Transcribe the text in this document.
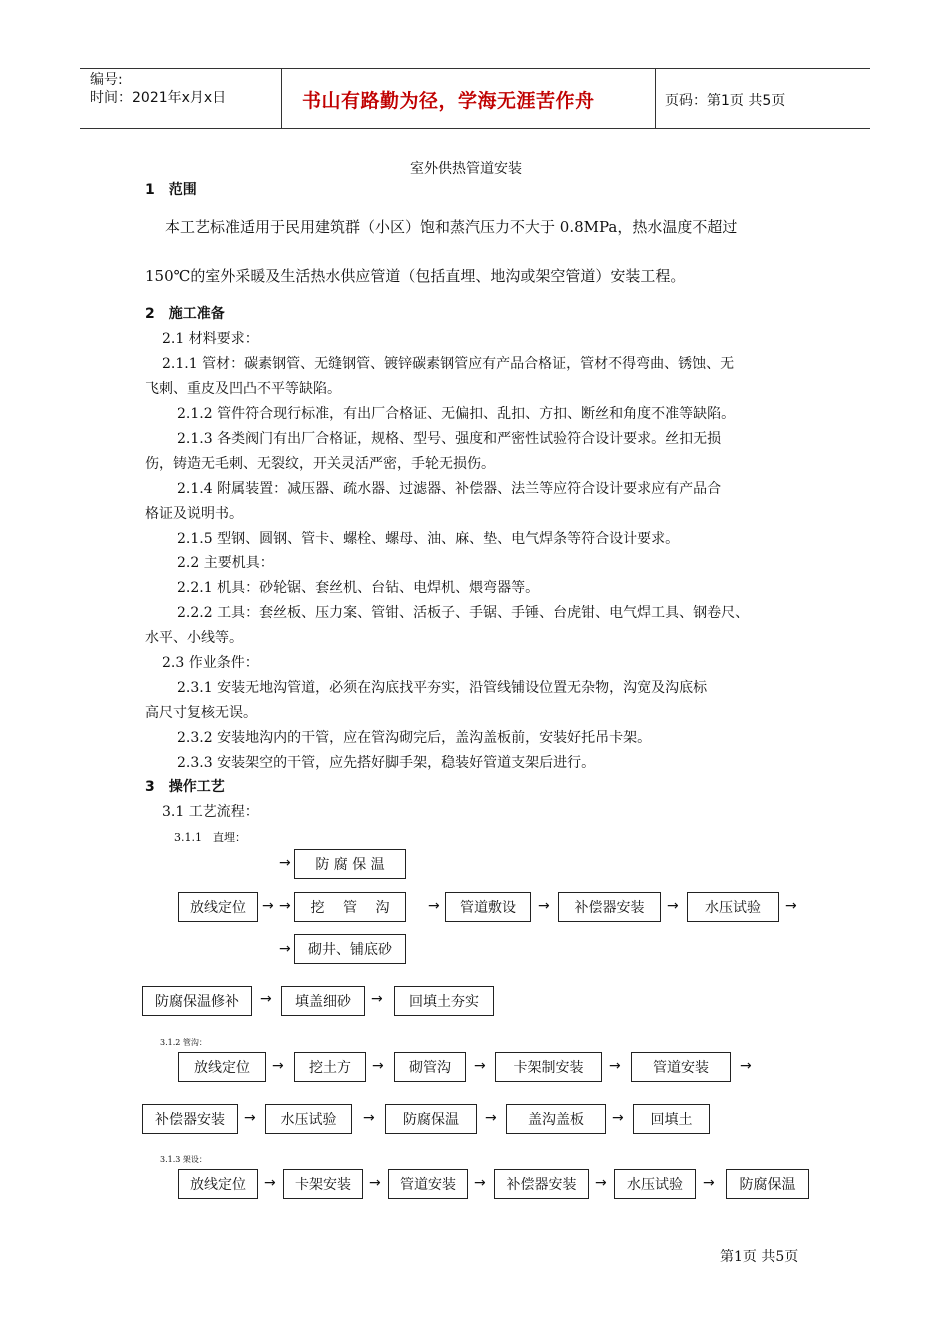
编号:
时间：2021年x月x日	书山有路勤为径，学海无涯苦作舟	页码：第1页 共5页
室外供热管道安装
1　范围
本工艺标准适用于民用建筑群（小区）饱和蒸汽压力不大于 0.8MPa，热水温度不超过
150℃的室外采暖及生活热水供应管道（包括直埋、地沟或架空管道）安装工程。
2　施工准备
2.1 材料要求：
2.1.1 管材：碳素钢管、无缝钢管、镀锌碳素钢管应有产品合格证，管材不得弯曲、锈蚀、无
飞刺、重皮及凹凸不平等缺陷。
2.1.2 管件符合现行标准，有出厂合格证、无偏扣、乱扣、方扣、断丝和角度不准等缺陷。
2.1.3 各类阀门有出厂合格证，规格、型号、强度和严密性试验符合设计要求。丝扣无损
伤，铸造无毛刺、无裂纹，开关灵活严密，手轮无损伤。
2.1.4 附属装置：减压器、疏水器、过滤器、补偿器、法兰等应符合设计要求应有产品合
格证及说明书。
2.1.5 型钢、圆钢、管卡、螺栓、螺母、油、麻、垫、电气焊条等符合设计要求。
2.2 主要机具：
2.2.1 机具：砂轮锯、套丝机、台钻、电焊机、煨弯器等。
2.2.2 工具：套丝板、压力案、管钳、活板子、手锯、手锤、台虎钳、电气焊工具、钢卷尺、
水平、小线等。
2.3 作业条件：
2.3.1 安装无地沟管道，必须在沟底找平夯实，沿管线铺设位置无杂物，沟宽及沟底标
高尺寸复核无误。
2.3.2 安装地沟内的干管，应在管沟砌完后，盖沟盖板前，安装好托吊卡架。
2.3.3 安装架空的干管，应先搭好脚手架，稳装好管道支架后进行。
3　操作工艺
3.1 工艺流程：
3.1.1　直埋：
→	防 腐 保 温
放线定位	→ →	挖　 管　 沟	→	管道敷设	→	补偿器安装	→	水压试验	→
→	砌井、铺底砂
防腐保温修补	→	填盖细砂	→	回填土夯实
3.1.2 管沟：
放线定位	→	挖土方	→	砌管沟	→	卡架制安装	→	管道安装	→
补偿器安装	→	水压试验	→	防腐保温	→	盖沟盖板	→	回填土
3.1.3 架设：
放线定位	→	卡架安装	→	管道安装	→	补偿器安装	→	水压试验	→	防腐保温
第1页 共5页
